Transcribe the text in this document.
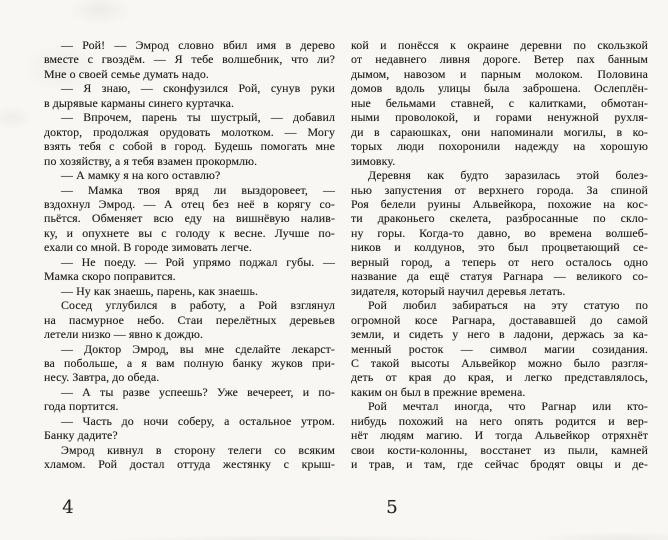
— Рой! — Эмрод словно вбил имя в дерево
вместе с гвоздём. — Я тебе волшебник, что ли?
Мне о своей семье думать надо.
— Я знаю, — сконфузился Рой, сунув руки
в дырявые карманы синего куртачка.
— Впрочем, парень ты шустрый, — добавил
доктор, продолжая орудовать молотком. — Могу
взять тебя с собой в город. Будешь помогать мне
по хозяйству, а я тебя взамен прокормлю.
— А мамку я на кого оставлю?
— Мамка твоя вряд ли выздоровеет, —
вздохнул Эмрод. — А отец без неё в корягу со-
пьётся. Обменяет всю еду на вишнёвую налив-
ку, и опухнете вы с голоду к весне. Лучше по-
ехали со мной. В городе зимовать легче.
— Не поеду. — Рой упрямо поджал губы. —
Мамка скоро поправится.
— Ну как знаешь, парень, как знаешь.
Сосед углубился в работу, а Рой взглянул
на пасмурное небо. Стаи перелётных деревьев
летели низко — явно к дождю.
— Доктор Эмрод, вы мне сделайте лекарст-
ва побольше, а я вам полную банку жуков при-
несу. Завтра, до обеда.
— А ты разве успеешь? Уже вечереет, и по-
года портится.
— Часть до ночи соберу, а остальное утром.
Банку дадите?
Эмрод кивнул в сторону телеги со всяким
хламом. Рой достал оттуда жестянку с крыш-
4
кой и понёсся к окраине деревни по скользкой
от недавнего ливня дороге. Ветер пах банным
дымом, навозом и парным молоком. Половина
домов вдоль улицы была заброшена. Ослеплён-
ные бельмами ставней, с калитками, обмотан-
ными проволокой, и горами ненужной рухля-
ди в сараюшках, они напоминали могилы, в ко-
торых люди похоронили надежду на хорошую
зимовку.
Деревня как будто заразилась этой болез-
нью запустения от верхнего города. За спиной
Роя белели руины Альвейкора, похожие на кос-
ти драконьего скелета, разбросанные по скло-
ну горы. Когда-то давно, во времена волшеб-
ников и колдунов, это был процветающий се-
верный город, а теперь от него осталось одно
название да ещё статуя Рагнара — великого со-
зидателя, который научил деревья летать.
Рой любил забираться на эту статую по
огромной косе Рагнара, достававшей до самой
земли, и сидеть у него в ладони, держась за ка-
менный росток — символ магии созидания.
С такой высоты Альвейкор можно было разгля-
деть от края до края, и легко представлялось,
каким он был в прежние времена.
Рой мечтал иногда, что Рагнар или кто-
нибудь похожий на него опять родится и вер-
нёт людям магию. И тогда Альвейкор отряхнёт
свои кости-колонны, восстанет из пыли, камней
и трав, и там, где сейчас бродят овцы и де-
5
